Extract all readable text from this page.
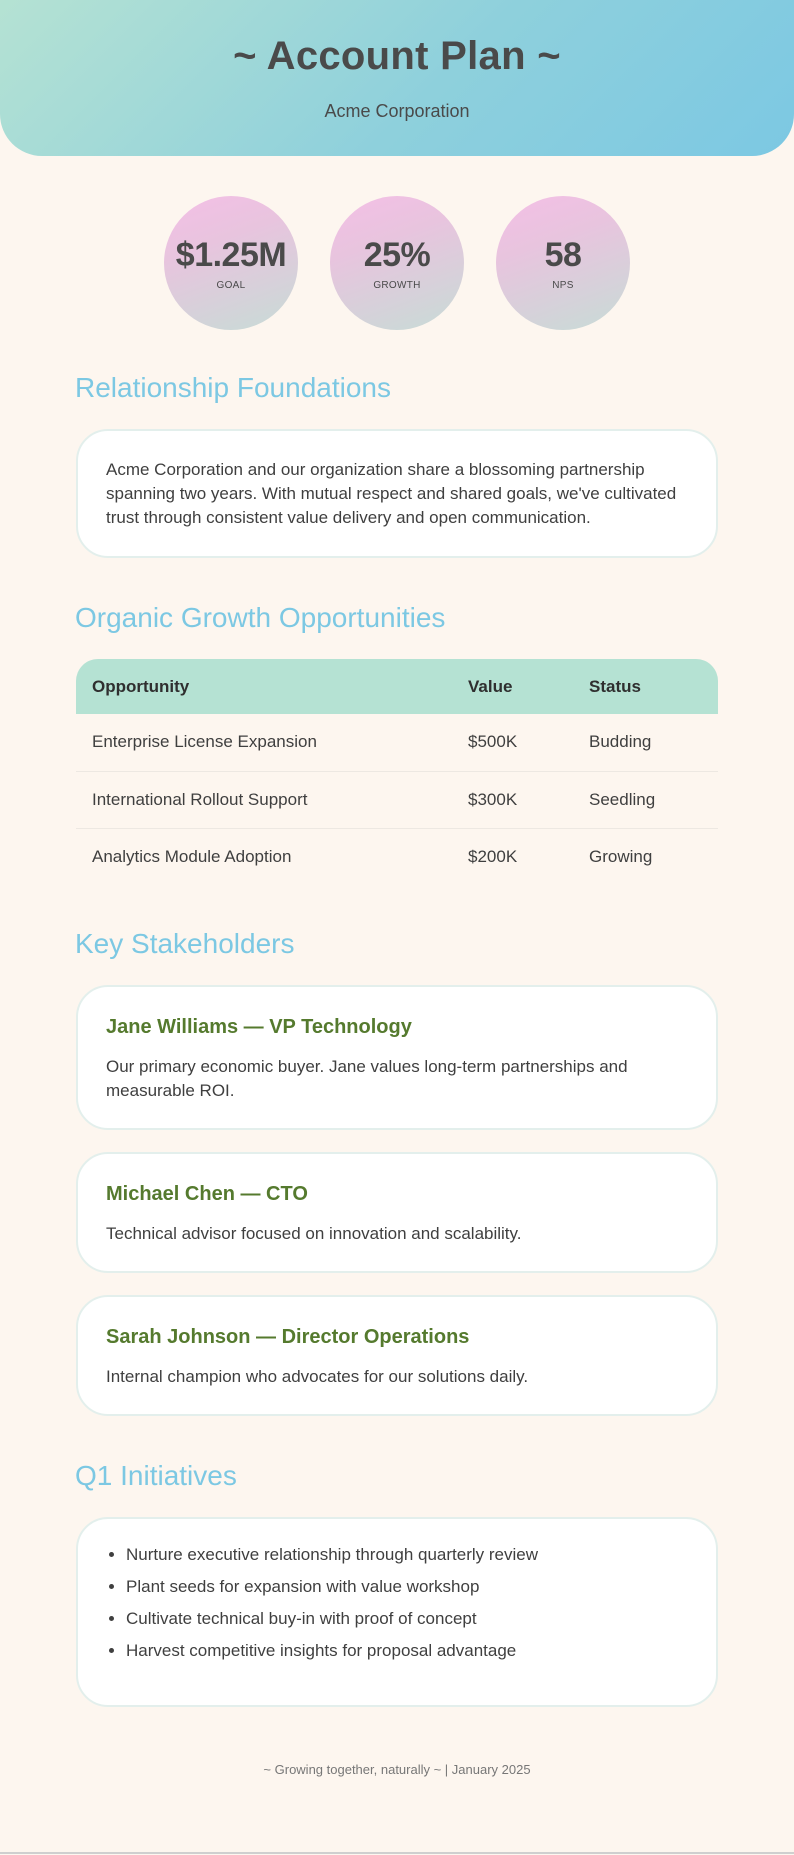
~ Account Plan ~
Acme Corporation
$1.25M
GOAL
25%
GROWTH
58
NPS
Relationship Foundations

Acme Corporation and our organization share a blossoming partnership spanning two years. With mutual respect and shared goals, we've cultivated trust through consistent value delivery and open communication.

Organic Growth Opportunities
Opportunity	Value	Status
Enterprise License Expansion	$500K	Budding
International Rollout Support	$300K	Seedling
Analytics Module Adoption	$200K	Growing
Key Stakeholders
Jane Williams — VP Technology

Our primary economic buyer. Jane values long-term partnerships and measurable ROI.

Michael Chen — CTO

Technical advisor focused on innovation and scalability.

Sarah Johnson — Director Operations

Internal champion who advocates for our solutions daily.

Q1 Initiatives
• Nurture executive relationship through quarterly review
• Plant seeds for expansion with value workshop
• Cultivate technical buy-in with proof of concept
• Harvest competitive insights for proposal advantage
~ Growing together, naturally ~ | January 2025
